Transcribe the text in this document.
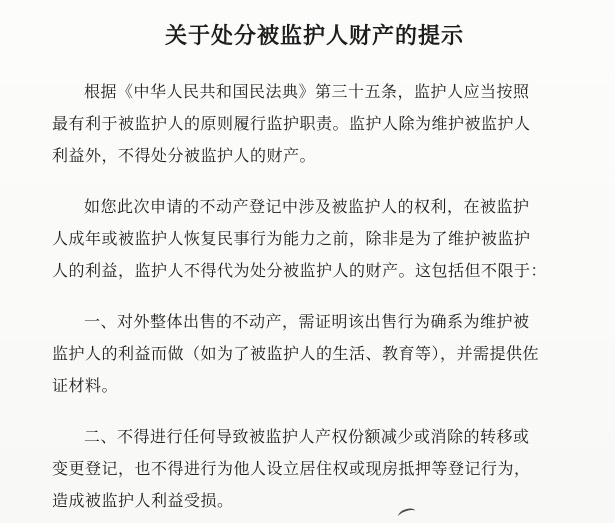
关于处分被监护人财产的提示

根据《中华人民共和国民法典》第三十五条，监护人应当按照
最有利于被监护人的原则履行监护职责。监护人除为维护被监护人
利益外，不得处分被监护人的财产。

如您此次申请的不动产登记中涉及被监护人的权利，在被监护
人成年或被监护人恢复民事行为能力之前，除非是为了维护被监护
人的利益，监护人不得代为处分被监护人的财产。这包括但不限于：

一、对外整体出售的不动产，需证明该出售行为确系为维护被
监护人的利益而做（如为了被监护人的生活、教育等），并需提供佐
证材料。

二、不得进行任何导致被监护人产权份额减少或消除的转移或
变更登记，也不得进行为他人设立居住权或现房抵押等登记行为，
造成被监护人利益受损。
